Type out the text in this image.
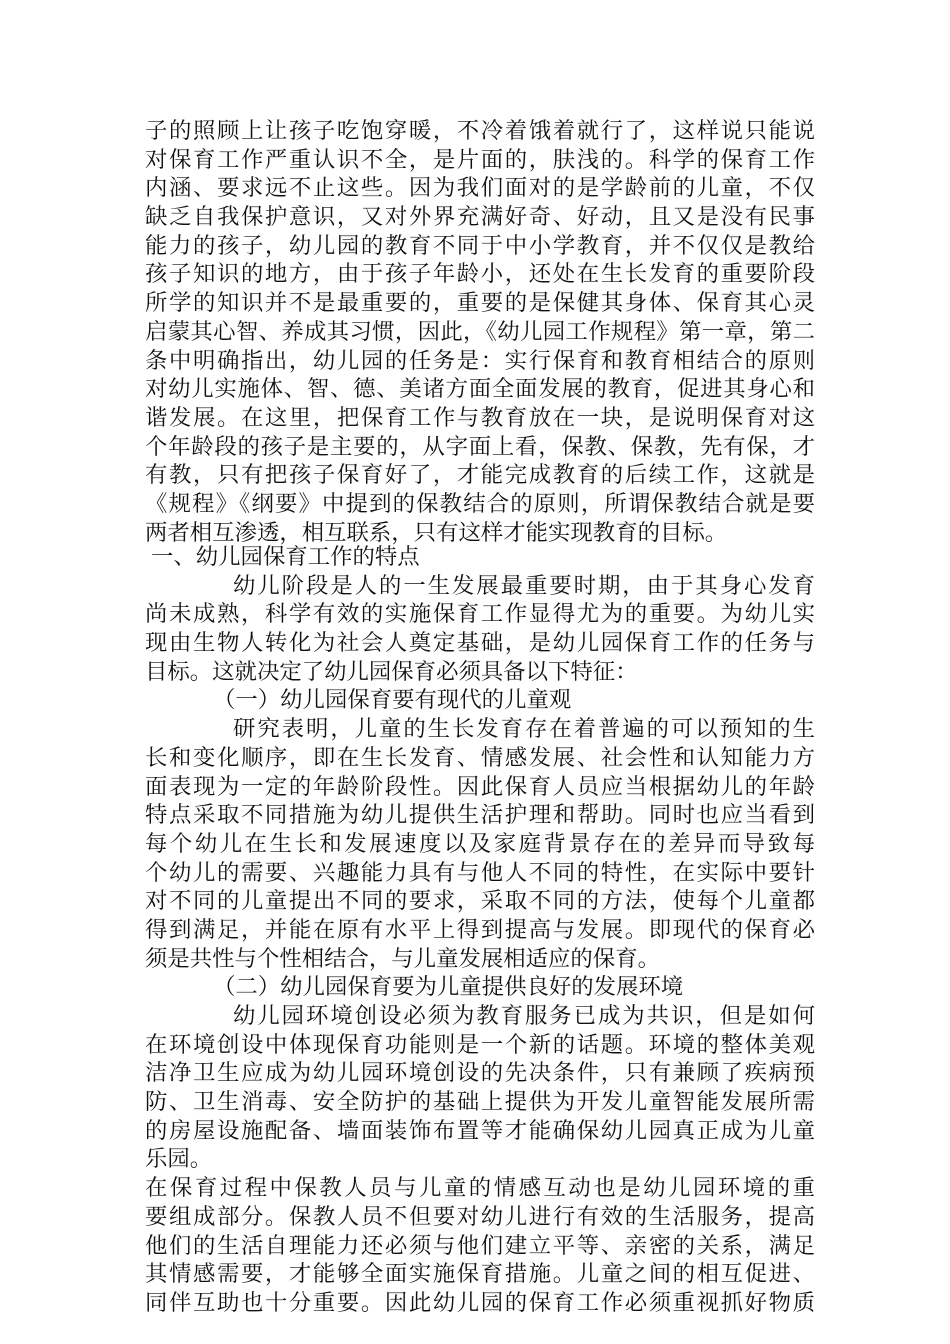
子的照顾上让孩子吃饱穿暖，不冷着饿着就行了，这样说只能说
对保育工作严重认识不全，是片面的，肤浅的。科学的保育工作
内涵、要求远不止这些。因为我们面对的是学龄前的儿童，不仅
缺乏自我保护意识，又对外界充满好奇、好动，且又是没有民事
能力的孩子，幼儿园的教育不同于中小学教育，并不仅仅是教给
孩子知识的地方，由于孩子年龄小，还处在生长发育的重要阶段
所学的知识并不是最重要的，重要的是保健其身体、保育其心灵
启蒙其心智、养成其习惯，因此，《幼儿园工作规程》第一章，第二
条中明确指出，幼儿园的任务是：实行保育和教育相结合的原则
对幼儿实施体、智、德、美诸方面全面发展的教育，促进其身心和
谐发展。在这里，把保育工作与教育放在一块，是说明保育对这
个年龄段的孩子是主要的，从字面上看，保教、保教，先有保，才
有教，只有把孩子保育好了，才能完成教育的后续工作，这就是
《规程》《纲要》中提到的保教结合的原则，所谓保教结合就是要
两者相互渗透，相互联系，只有这样才能实现教育的目标。
一、幼儿园保育工作的特点
幼儿阶段是人的一生发展最重要时期，由于其身心发育
尚未成熟，科学有效的实施保育工作显得尤为的重要。为幼儿实
现由生物人转化为社会人奠定基础，是幼儿园保育工作的任务与
目标。这就决定了幼儿园保育必须具备以下特征：
（一）幼儿园保育要有现代的儿童观
研究表明，儿童的生长发育存在着普遍的可以预知的生
长和变化顺序，即在生长发育、情感发展、社会性和认知能力方
面表现为一定的年龄阶段性。因此保育人员应当根据幼儿的年龄
特点采取不同措施为幼儿提供生活护理和帮助。同时也应当看到
每个幼儿在生长和发展速度以及家庭背景存在的差异而导致每
个幼儿的需要、兴趣能力具有与他人不同的特性，在实际中要针
对不同的儿童提出不同的要求，采取不同的方法，使每个儿童都
得到满足，并能在原有水平上得到提高与发展。即现代的保育必
须是共性与个性相结合，与儿童发展相适应的保育。
（二）幼儿园保育要为儿童提供良好的发展环境
幼儿园环境创设必须为教育服务已成为共识，但是如何
在环境创设中体现保育功能则是一个新的话题。环境的整体美观
洁净卫生应成为幼儿园环境创设的先决条件，只有兼顾了疾病预
防、卫生消毒、安全防护的基础上提供为开发儿童智能发展所需
的房屋设施配备、墙面装饰布置等才能确保幼儿园真正成为儿童
乐园。
在保育过程中保教人员与儿童的情感互动也是幼儿园环境的重
要组成部分。保教人员不但要对幼儿进行有效的生活服务，提高
他们的生活自理能力还必须与他们建立平等、亲密的关系，满足
其情感需要，才能够全面实施保育措施。儿童之间的相互促进、
同伴互助也十分重要。因此幼儿园的保育工作必须重视抓好物质
